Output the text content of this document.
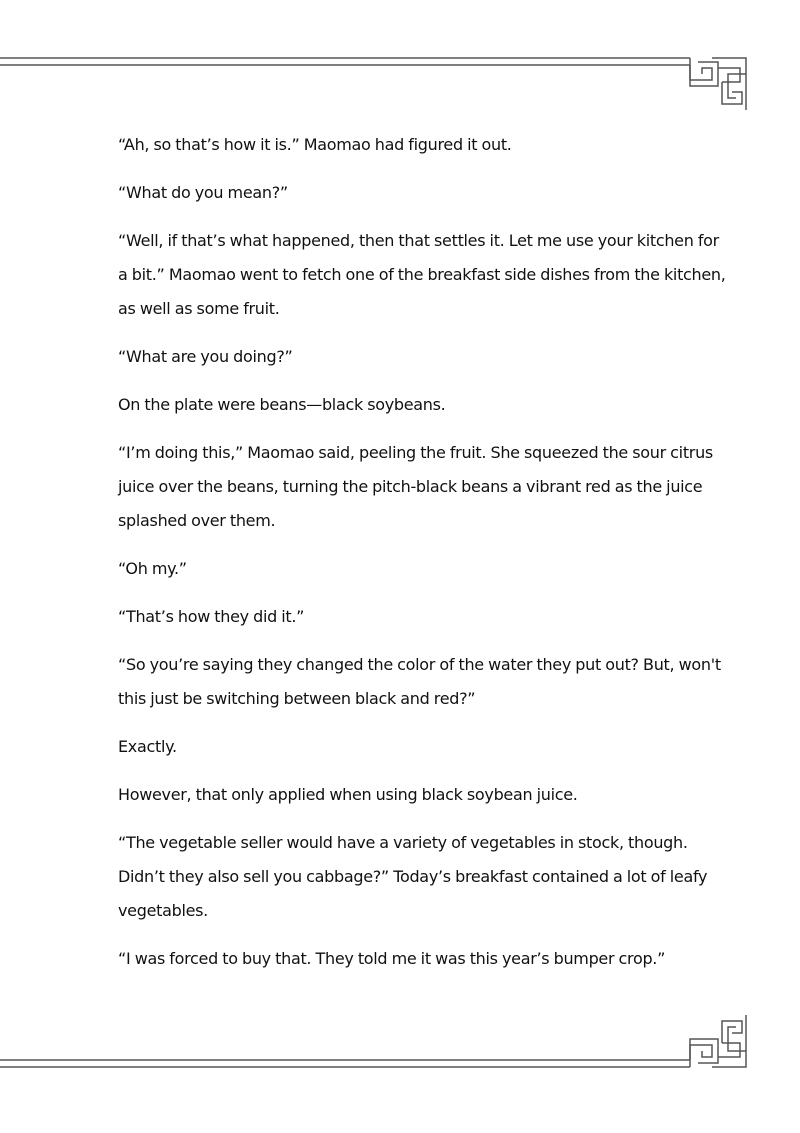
“Ah, so that’s how it is.” Maomao had figured it out.

“What do you mean?”

“Well, if that’s what happened, then that settles it. Let me use your kitchen for a bit.” Maomao went to fetch one of the breakfast side dishes from the kitchen, as well as some fruit.

“What are you doing?”

On the plate were beans—black soybeans.

“I’m doing this,” Maomao said, peeling the fruit. She squeezed the sour citrus juice over the beans, turning the pitch-black beans a vibrant red as the juice splashed over them.

“Oh my.”

“That’s how they did it.”

“So you’re saying they changed the color of the water they put out? But, won't this just be switching between black and red?”

Exactly.

However, that only applied when using black soybean juice.

“The vegetable seller would have a variety of vegetables in stock, though. Didn’t they also sell you cabbage?” Today’s breakfast contained a lot of leafy vegetables.

“I was forced to buy that. They told me it was this year’s bumper crop.”
